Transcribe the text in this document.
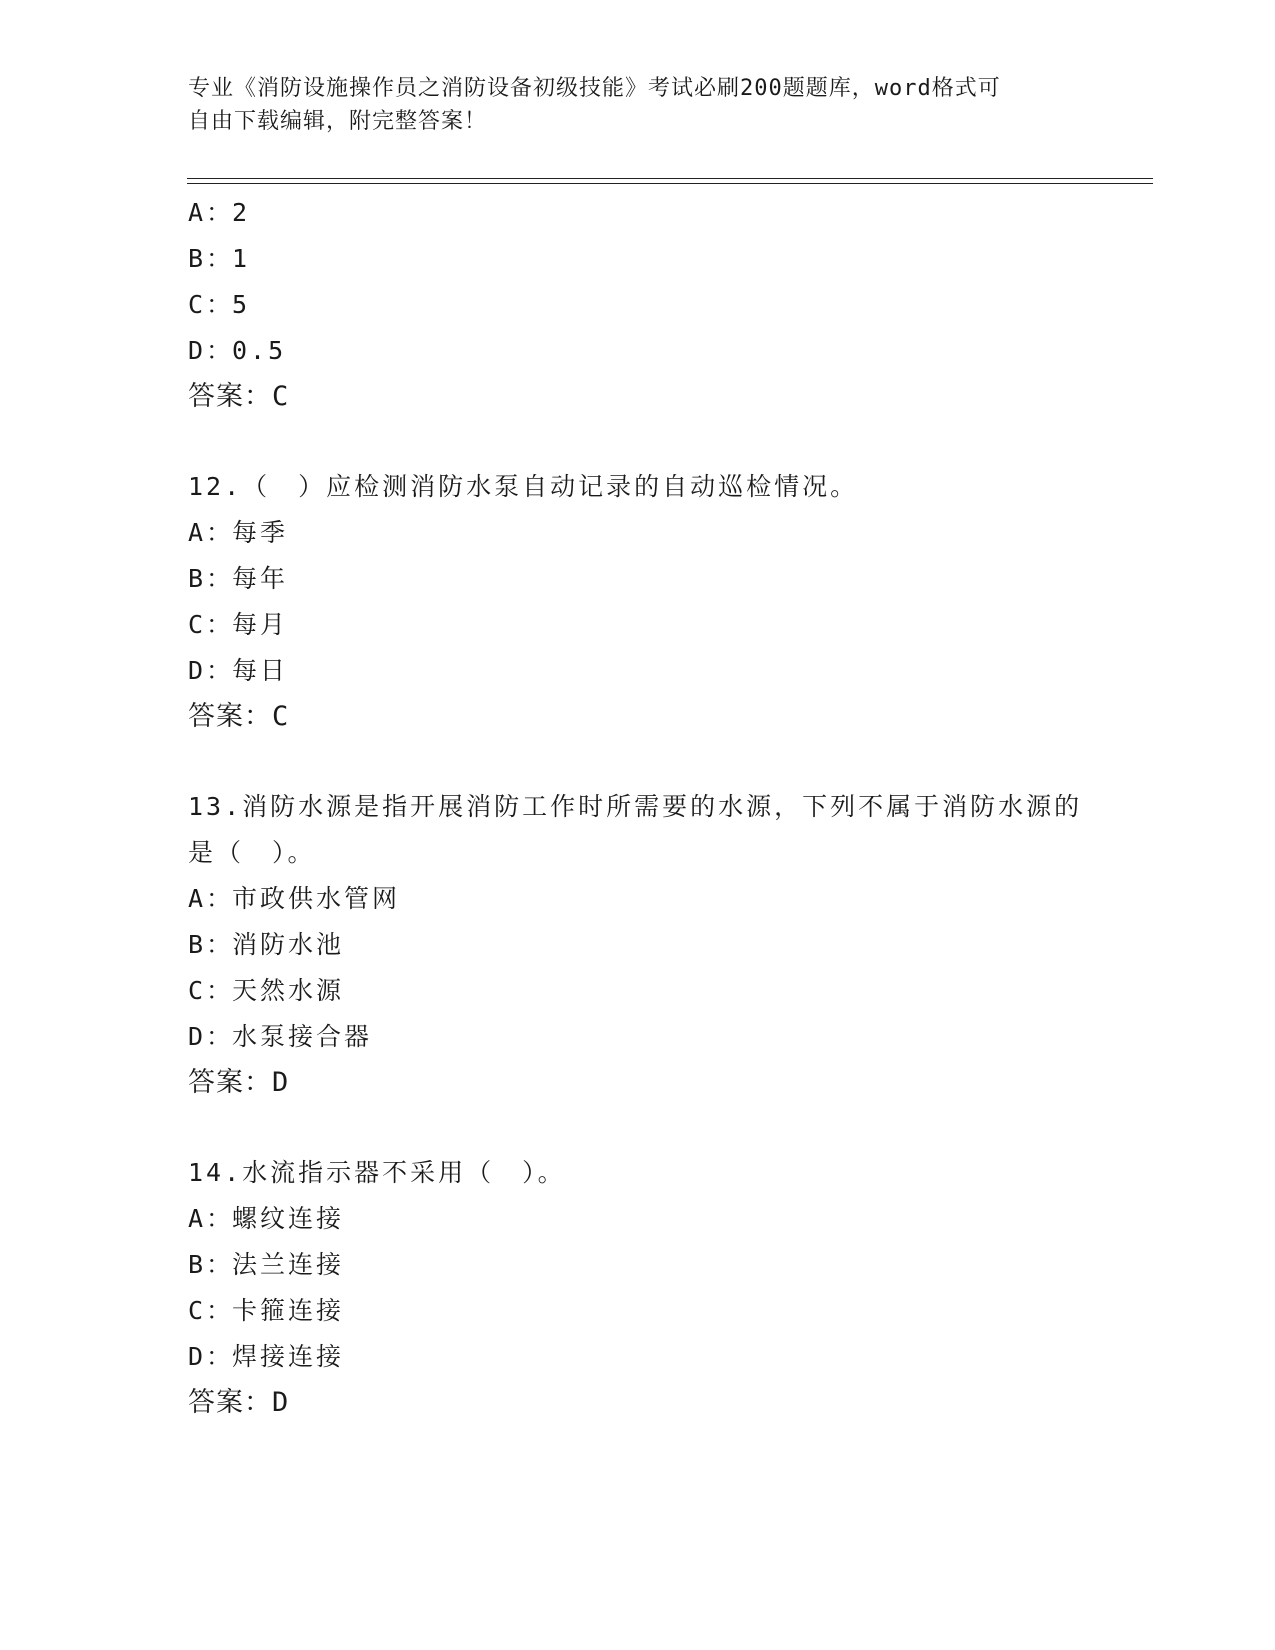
专业《消防设施操作员之消防设备初级技能》考试必刷200题题库，word格式可
自由下载编辑，附完整答案！
A：2
B：1
C：5
D：0.5
答案：C
12.（　）应检测消防水泵自动记录的自动巡检情况。
A：每季
B：每年
C：每月
D：每日
答案：C
13.消防水源是指开展消防工作时所需要的水源，下列不属于消防水源的是（　）。
A：市政供水管网
B：消防水池
C：天然水源
D：水泵接合器
答案：D
14.水流指示器不采用（　）。
A：螺纹连接
B：法兰连接
C：卡箍连接
D：焊接连接
答案：D
